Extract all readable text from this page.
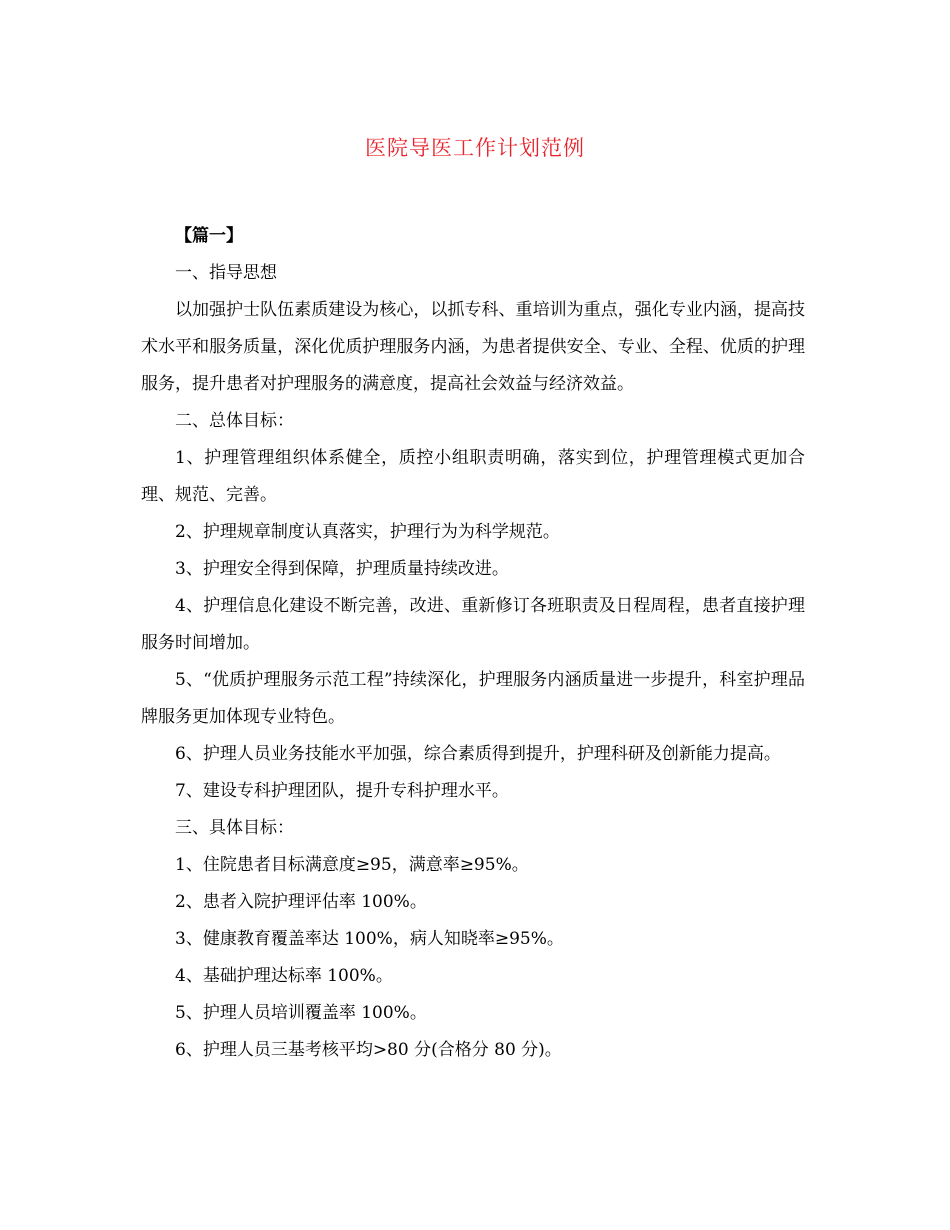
医院导医工作计划范例

【篇一】

一、指导思想

以加强护士队伍素质建设为核心，以抓专科、重培训为重点，强化专业内涵，提高技术水平和服务质量，深化优质护理服务内涵，为患者提供安全、专业、全程、优质的护理服务，提升患者对护理服务的满意度，提高社会效益与经济效益。

二、总体目标：

1、护理管理组织体系健全，质控小组职责明确，落实到位，护理管理模式更加合理、规范、完善。

2、护理规章制度认真落实，护理行为为科学规范。

3、护理安全得到保障，护理质量持续改进。

4、护理信息化建设不断完善，改进、重新修订各班职责及日程周程，患者直接护理服务时间增加。

5、“优质护理服务示范工程”持续深化，护理服务内涵质量进一步提升，科室护理品牌服务更加体现专业特色。

6、护理人员业务技能水平加强，综合素质得到提升，护理科研及创新能力提高。

7、建设专科护理团队，提升专科护理水平。

三、具体目标：

1、住院患者目标满意度≥95，满意率≥95%。

2、患者入院护理评估率 100%。

3、健康教育覆盖率达 100%，病人知晓率≥95%。

4、基础护理达标率 100%。

5、护理人员培训覆盖率 100%。

6、护理人员三基考核平均>80 分(合格分 80 分)。
